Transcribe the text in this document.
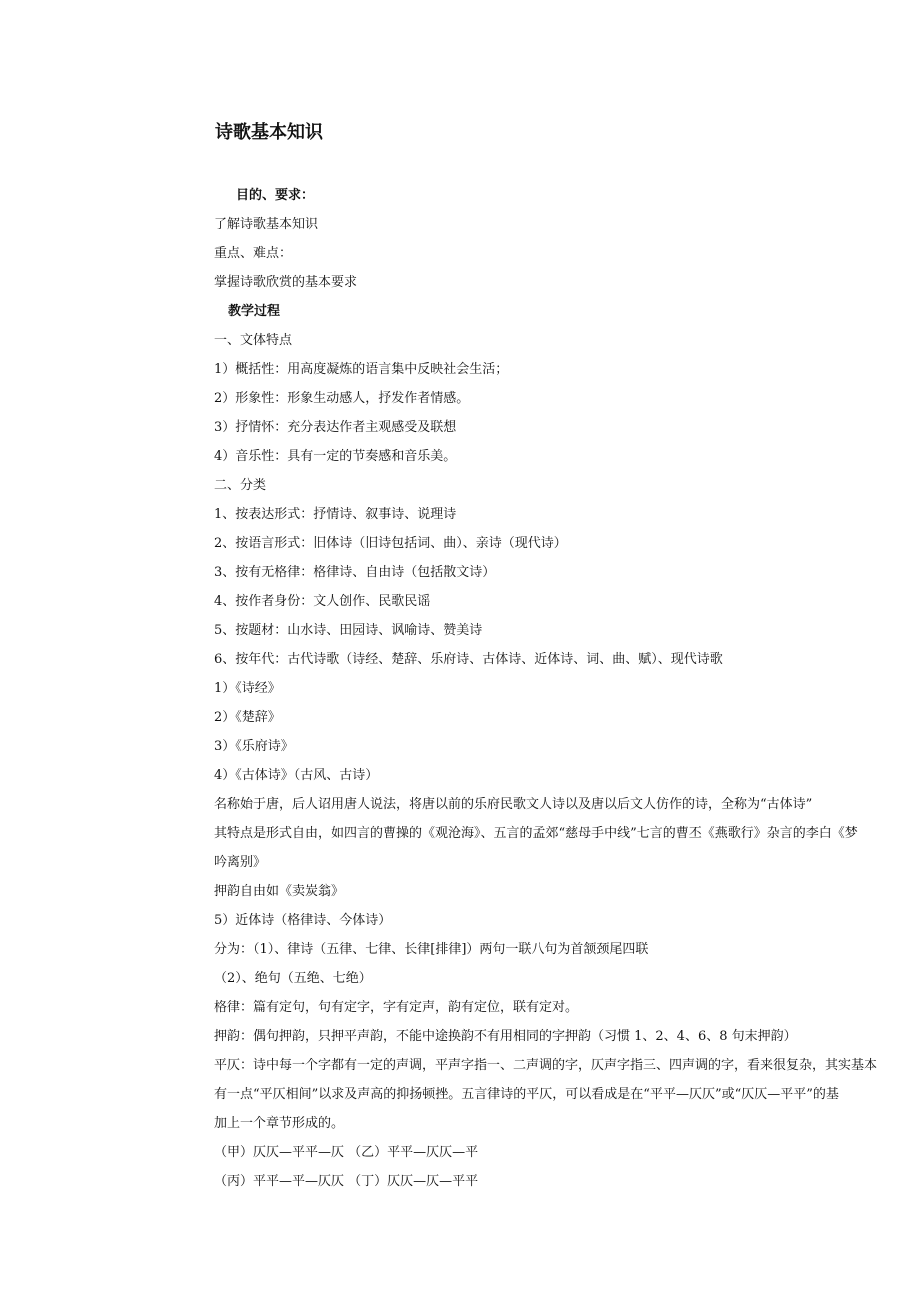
诗歌基本知识
目的、要求：
了解诗歌基本知识
重点、难点：
掌握诗歌欣赏的基本要求
教学过程
一、文体特点
1）概括性：用高度凝炼的语言集中反映社会生活；
2）形象性：形象生动感人，抒发作者情感。
3）抒情怀：充分表达作者主观感受及联想
4）音乐性：具有一定的节奏感和音乐美。
二、分类
1、按表达形式：抒情诗、叙事诗、说理诗
2、按语言形式：旧体诗（旧诗包括词、曲）、亲诗（现代诗）
3、按有无格律：格律诗、自由诗（包括散文诗）
4、按作者身份：文人创作、民歌民谣
5、按题材：山水诗、田园诗、讽喻诗、赞美诗
6、按年代：古代诗歌（诗经、楚辞、乐府诗、古体诗、近体诗、词、曲、赋）、现代诗歌
1）《诗经》
2）《楚辞》
3）《乐府诗》
4）《古体诗》（古风、古诗）
名称始于唐，后人诏用唐人说法，将唐以前的乐府民歌文人诗以及唐以后文人仿作的诗，全称为“古体诗”
其特点是形式自由，如四言的曹操的《观沧海》、五言的孟郊“慈母手中线”七言的曹丕《燕歌行》杂言的李白《梦
吟离别》
押韵自由如《卖炭翁》
5）近体诗（格律诗、今体诗）
分为：（1）、律诗（五律、七律、长律[排律]）两句一联八句为首颔颈尾四联
（2）、绝句（五绝、七绝）
格律：篇有定句，句有定字，字有定声，韵有定位，联有定对。
押韵：偶句押韵，只押平声韵，不能中途换韵不有用相同的字押韵（习惯 1、2、4、6、8 句末押韵）
平仄：诗中每一个字都有一定的声调，平声字指一、二声调的字，仄声字指三、四声调的字，看来很复杂，其实基本
有一点“平仄相间”以求及声高的抑扬顿挫。五言律诗的平仄，可以看成是在“平平—仄仄”或“仄仄—平平”的基
加上一个章节形成的。
（甲）仄仄—平平—仄 （乙）平平—仄仄—平
（丙）平平—平—仄仄 （丁）仄仄—仄—平平
